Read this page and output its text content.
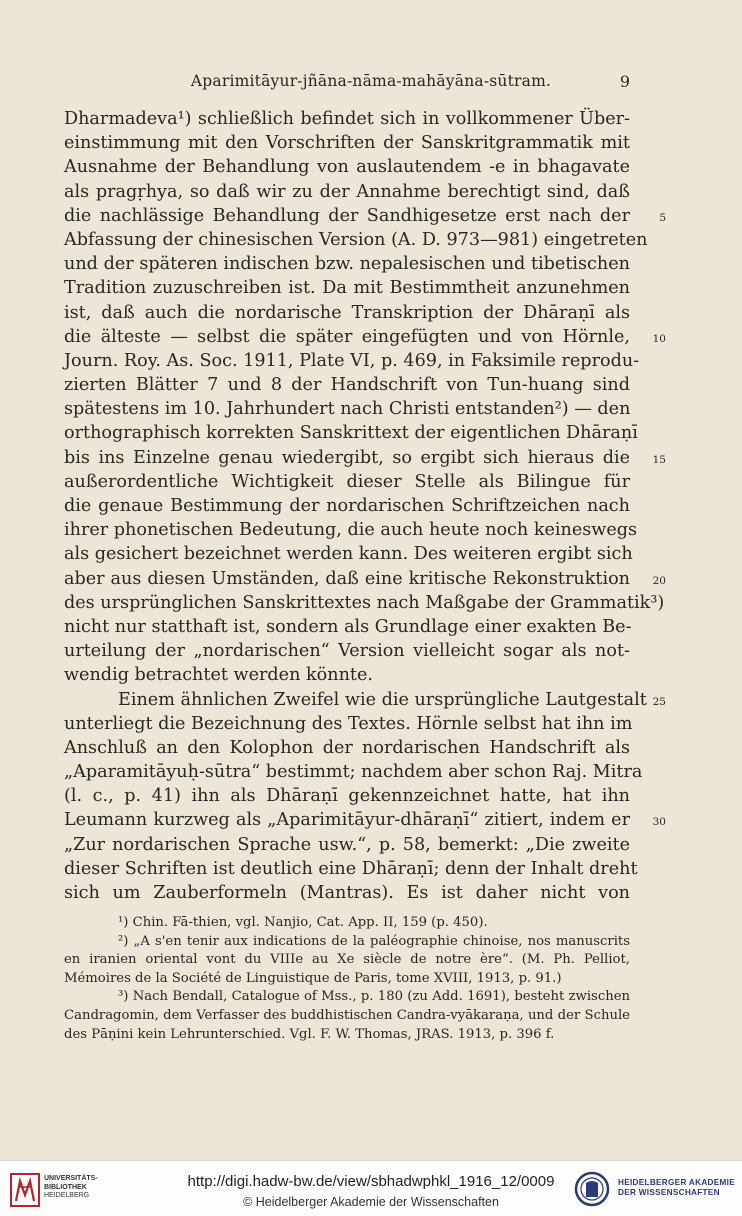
Aparimitāyur-jñāna-nāma-mahāyāna-sūtram.	9
Dharmadeva¹) schließlich befindet sich in vollkommener Über-
einstimmung mit den Vorschriften der Sanskritgrammatik mit
Ausnahme der Behandlung von auslautendem -e in bhagavate
als pragṛhya, so daß wir zu der Annahme berechtigt sind, daß
die nachlässige Behandlung der Sandhigesetze erst nach der	5
Abfassung der chinesischen Version (A. D. 973—981) eingetreten
und der späteren indischen bzw. nepalesischen und tibetischen
Tradition zuzuschreiben ist. Da mit Bestimmtheit anzunehmen
ist, daß auch die nordarische Transkription der Dhāraṇī als
die älteste — selbst die später eingefügten und von Hörnle, 10
Journ. Roy. As. Soc. 1911, Plate VI, p. 469, in Faksimile reprodu-
zierten Blätter 7 und 8 der Handschrift von Tun-huang sind
spätestens im 10. Jahrhundert nach Christi entstanden²) — den
orthographisch korrekten Sanskrittext der eigentlichen Dhāraṇī
bis ins Einzelne genau wiedergibt, so ergibt sich hieraus die 15
außerordentliche Wichtigkeit dieser Stelle als Bilingue für
die genaue Bestimmung der nordarischen Schriftzeichen nach
ihrer phonetischen Bedeutung, die auch heute noch keineswegs
als gesichert bezeichnet werden kann. Des weiteren ergibt sich
aber aus diesen Umständen, daß eine kritische Rekonstruktion 20
des ursprünglichen Sanskrittextes nach Maßgabe der Grammatik³)
nicht nur statthaft ist, sondern als Grundlage einer exakten Be-
urteilung der „nordarischen“ Version vielleicht sogar als not-
wendig betrachtet werden könnte.
Einem ähnlichen Zweifel wie die ursprüngliche Lautgestalt 25
unterliegt die Bezeichnung des Textes. Hörnle selbst hat ihn im
Anschluß an den Kolophon der nordarischen Handschrift als
„Aparamitāyuḥ-sūtra“ bestimmt; nachdem aber schon Raj. Mitra
(l. c., p. 41) ihn als Dhāraṇī gekennzeichnet hatte, hat ihn
Leumann kurzweg als „Aparimitāyur-dhāraṇī“ zitiert, indem er 30
„Zur nordarischen Sprache usw.“, p. 58, bemerkt: „Die zweite
dieser Schriften ist deutlich eine Dhāraṇī; denn der Inhalt dreht
sich um Zauberformeln (Mantras). Es ist daher nicht von
¹) Chin. Fā-thien, vgl. Nanjio, Cat. App. II, 159 (p. 450).
²) „A s'en tenir aux indications de la paléographie chinoise, nos manuscrits
en iranien oriental vont du VIIIe au Xe siècle de notre ère“. (M. Ph. Pelliot,
Mémoires de la Société de Linguistique de Paris, tome XVIII, 1913, p. 91.)
³) Nach Bendall, Catalogue of Mss., p. 180 (zu Add. 1691), besteht zwischen
Candragomin, dem Verfasser des buddhistischen Candra-vyākaraṇa, und der Schule
des Pāṇini kein Lehrunterschied. Vgl. F. W. Thomas, JRAS. 1913, p. 396 f.
UNIVERSITÄTS-
BIBLIOTHEK
HEIDELBERG
http://digi.hadw-bw.de/view/sbhadwphkl_1916_12/0009
© Heidelberger Akademie der Wissenschaften
HEIDELBERGER AKADEMIE
DER WISSENSCHAFTEN
